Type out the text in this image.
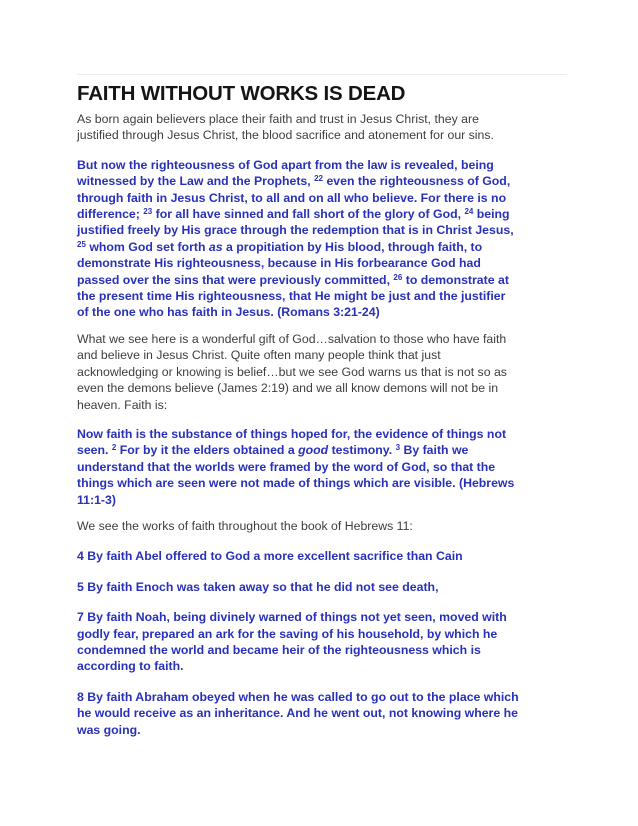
FAITH WITHOUT WORKS IS DEAD

As born again believers place their faith and trust in Jesus Christ, they are
justified through Jesus Christ, the blood sacrifice and atonement for our sins.

But now the righteousness of God apart from the law is revealed, being
witnessed by the Law and the Prophets, $^{22}$ even the righteousness of God,
through faith in Jesus Christ, to all and on all who believe. For there is no
difference; $^{23}$ for all have sinned and fall short of the glory of God, $^{24}$ being
justified freely by His grace through the redemption that is in Christ Jesus,
$^{25}$ whom God set forth as a propitiation by His blood, through faith, to
demonstrate His righteousness, because in His forbearance God had
passed over the sins that were previously committed, $^{26}$ to demonstrate at
the present time His righteousness, that He might be just and the justifier
of the one who has faith in Jesus. (Romans 3:21-24)

What we see here is a wonderful gift of God…salvation to those who have faith
and believe in Jesus Christ. Quite often many people think that just
acknowledging or knowing is belief…but we see God warns us that is not so as
even the demons believe (James 2:19) and we all know demons will not be in
heaven. Faith is:

Now faith is the substance of things hoped for, the evidence of things not
seen. $^2$ For by it the elders obtained a good testimony. $^3$ By faith we
understand that the worlds were framed by the word of God, so that the
things which are seen were not made of things which are visible. (Hebrews
11:1-3)

We see the works of faith throughout the book of Hebrews 11:

4 By faith Abel offered to God a more excellent sacrifice than Cain

5 By faith Enoch was taken away so that he did not see death,

7 By faith Noah, being divinely warned of things not yet seen, moved with
godly fear, prepared an ark for the saving of his household, by which he
condemned the world and became heir of the righteousness which is
according to faith.

8 By faith Abraham obeyed when he was called to go out to the place which
he would receive as an inheritance. And he went out, not knowing where he
was going.
